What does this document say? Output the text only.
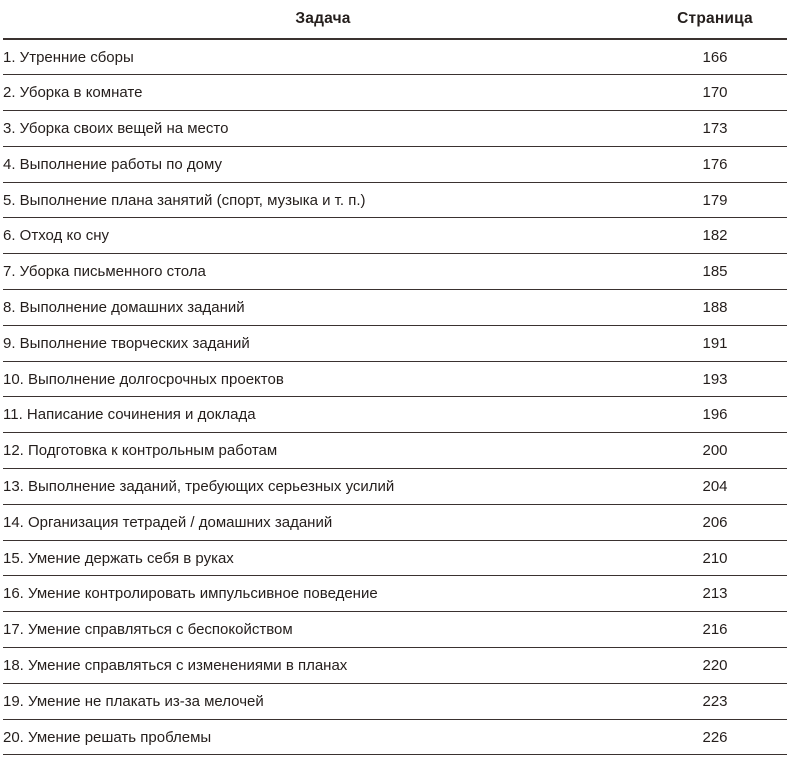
Задача	Страница
1. Утренние сборы	166
2. Уборка в комнате	170
3. Уборка своих вещей на место	173
4. Выполнение работы по дому	176
5. Выполнение плана занятий (спорт, музыка и т. п.)	179
6. Отход ко сну	182
7. Уборка письменного стола	185
8. Выполнение домашних заданий	188
9. Выполнение творческих заданий	191
10. Выполнение долгосрочных проектов	193
11. Написание сочинения и доклада	196
12. Подготовка к контрольным работам	200
13. Выполнение заданий, требующих серьезных усилий	204
14. Организация тетрадей / домашних заданий	206
15. Умение держать себя в руках	210
16. Умение контролировать импульсивное поведение	213
17. Умение справляться с беспокойством	216
18. Умение справляться с изменениями в планах	220
19. Умение не плакать из-за мелочей	223
20. Умение решать проблемы	226
